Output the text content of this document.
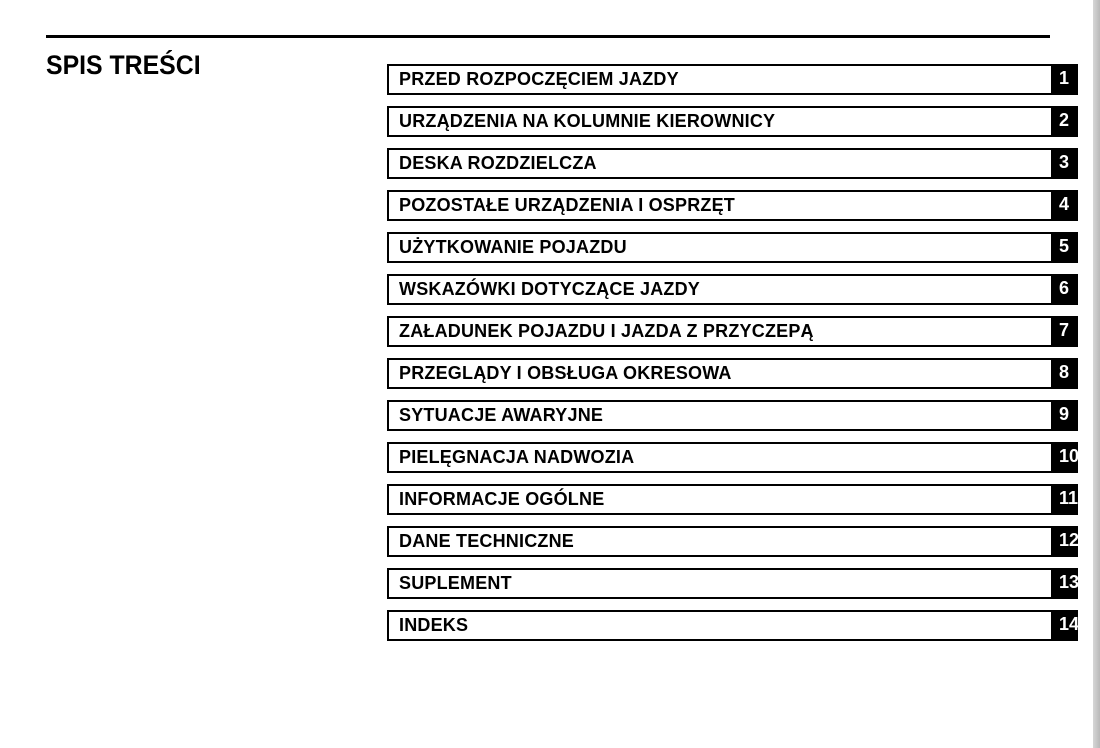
SPIS TREŚCI	PRZED ROZPOCZĘCIEM JAZDY	1
URZĄDZENIA NA KOLUMNIE KIEROWNICY	2
DESKA ROZDZIELCZA	3
POZOSTAŁE URZĄDZENIA I OSPRZĘT	4
UŻYTKOWANIE POJAZDU	5
WSKAZÓWKI DOTYCZĄCE JAZDY	6
ZAŁADUNEK POJAZDU I JAZDA Z PRZYCZEPĄ	7
PRZEGLĄDY I OBSŁUGA OKRESOWA	8
SYTUACJE AWARYJNE	9
PIELĘGNACJA NADWOZIA	10
INFORMACJE OGÓLNE	11
DANE TECHNICZNE	12
SUPLEMENT	13
INDEKS	14
